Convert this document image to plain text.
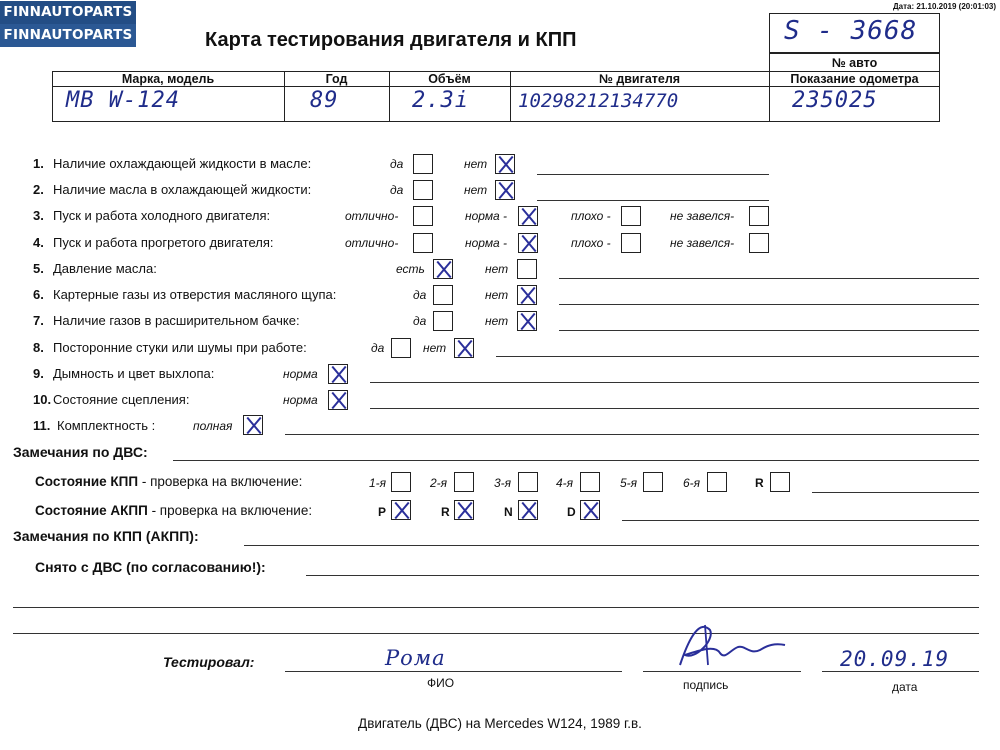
FINNAUTOPARTS
FINNAUTOPARTS
Дата: 21.10.2019 (20:01:03)
Карта тестирования двигателя и КПП	S - 3668
№ авто
Марка, модель	Год	Объём	№ двигателя	Показание одометра
МВ W-124	89	2.3i	10298212134770	235025
1. Наличие охлаждающей жидкости в масле:	да	нет
2. Наличие масла в охлаждающей жидкости:	да	нет
3. Пуск и работа холодного двигателя:	отлично-	норма -	плохо -	не завелся-
4. Пуск и работа прогретого двигателя:	отлично-	норма -	плохо -	не завелся-
5. Давление масла:	есть	нет
6. Картерные газы из отверстия масляного щупа:	да	нет
7. Наличие газов в расширительном бачке:	да	нет
8. Посторонние стуки или шумы при работе:	да	нет
9. Дымность и цвет выхлопа:	норма
10. Состояние сцепления:	норма
11. Комплектность :	полная
Замечания по ДВС:
Состояние КПП - проверка на включение:	1-я	2-я	3-я	4-я	5-я	6-я	R
Состояние АКПП - проверка на включение:	P	R	N	D
Замечания по КПП (АКПП):
Снято с ДВС (по согласованию!):
Тестировал:	Рома
ФИО	подпись
20.09.19
дата
Двигатель (ДВС) на Mercedes W124, 1989 г.в.
